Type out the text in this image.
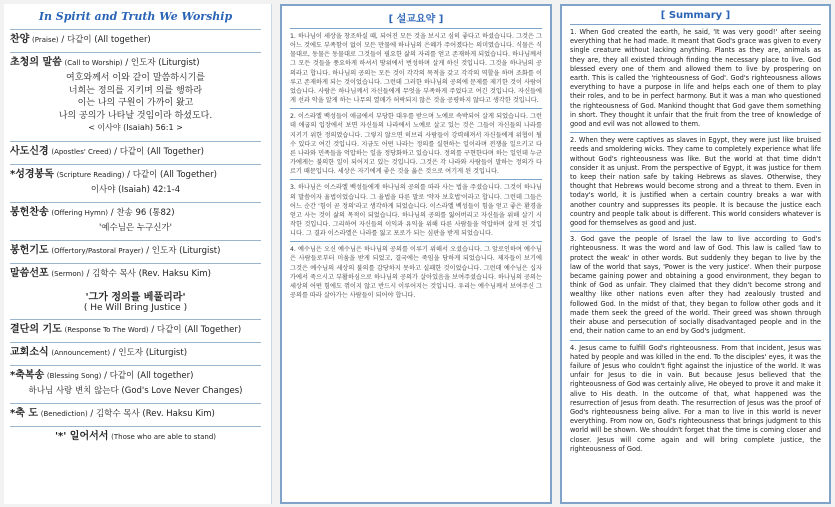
In Spirit and Truth We Worship
찬양 (Praise) / 다같이 (All together)
초청의 말씀 (Call to Worship) / 인도자 (Liturgist)
여호와께서 이와 같이 말씀하시기를
너희는 정의를 지키며 의를 행하라
이는 나의 구원이 가까이 왔고
나의 공의가 나타날 것임이라 하셨도다.
< 이사야 (Isaiah) 56:1 >
사도신경 (Apostles' Creed) / 다같이 (All Together)
*성경봉독 (Scripture Reading) / 다같이 (All Together)
이사야 (Isaiah) 42:1-4
봉헌찬송 (Offering Hymn) / 찬송 96 (통82)
'예수님은 누구신가'
봉헌기도 (Offertory/Pastoral Prayer) / 인도자 (Liturgist)
말씀선포 (Sermon) / 김학수 목사 (Rev. Haksu Kim)
'그가 정의를 베풀리라'
( He Will Bring Justice )
결단의 기도 (Response To The Word) / 다같이 (All Together)
교회소식 (Announcement) / 인도자 (Liturgist)
*축복송 (Blessing Song) / 다같이 (All together)
하나님 사랑 변치 않는다 (God's Love Never Changes)
*축 도 (Benediction) / 김학수 목사 (Rev. Haksu Kim)
'*' 일어서서 (Those who are able to stand)
[ 설교요약 ]

1. 하나님이 세상을 창조하실 때, 되어진 모든 것을 보시고 심히 좋다고 하셨습니다. 그것은 그 어느 것에도 부족함이 없이 모든 만물에 하나님의 은혜가 주어졌다는 의미였습니다. 식물은 식물대로, 동물은 동물대로 그것들이 필요한 삶의 자리를 얻고 존재하게 되었습니다. 하나님께서 그 모든 것들을 풍요하게 하셔서 땅위에서 번성하며 살게 하신 것입니다. 그것을 하나님의 공의라고 합니다. 하나님의 공의는 모든 것이 각각의 목적을 갖고 각각의 역할을 하며 조화를 이루고 존재하게 되는 것이었습니다. 그런데 그러한 하나님의 공의에 문제를 제기한 것이 사람이었습니다. 사람은 하나님께서 자신들에게 무엇을 부족하게 주었다고 여긴 것입니다. 자신들에게 선과 악을 알게 하는 나무의 열매가 허락되지 않은 것을 공평하지 않다고 생각한 것입니다.

2. 이스라엘 백성들이 애굽에서 부당한 대우를 받으며 노예로 속박되어 살게 되었습니다. 그런데 애굽의 입장에서 보면 자신들의 나라에서 노예로 살고 있는 것은 그들이 자신들의 나라를 지키기 위한 정의였습니다. 그렇지 않으면 히브리 사람들이 강력해져서 자신들에게 위협이 될 수 있다고 여긴 것입니다. 지금도 어떤 나라는 정의를 실현하는 일이라며 전쟁을 일으키고 다른 나라와 민족들을 억압하는 일을 정당화하고 있습니다. 정의를 구현한다며 하는 일인데 누군가에게는 불의한 일이 되어지고 있는 것입니다. 그것은 각 나라와 사람들이 말하는 정의가 다르기 때문입니다. 세상은 자기에게 좋은 것을 옳은 것으로 여기게 된 것입니다.

3. 하나님은 이스라엘 백성들에게 하나님의 공의를 따라 사는 법을 주셨습니다. 그것이 하나님의 말씀이자 율법이었습니다. 그 율법을 다른 말로 '약자 보호법'이라고 합니다. 그런데 그들은 어느 순간 '힘이 곧 정의'라고 생각하게 되었습니다. 이스라엘 백성들이 힘을 얻고 좋은 환경을 얻고 사는 것이 삶의 목적이 되었습니다. 하나님의 공의를 잃어버리고 자신들을 위해 살기 시작한 것입니다. 그리하여 자신들의 이익과 유익을 위해 다른 사람들을 억압하며 살게 된 것입니다. 그 결과 이스라엘은 나라를 잃고 포로가 되는 심판을 받게 되었습니다.

4. 예수님은 오신 예수님은 하나님의 공의를 이루기 위해서 오셨습니다. 그 앞로인하여 예수님은 사람들로부터 미움을 받게 되었고, 결국에는 죽임을 당하게 되었습니다. 제자들이 보기에 그것은 예수님의 세상의 불의를 감당하지 못하고 실패한 것이었습니다. 그런데 예수님은 십자가에서 죽으시고 부활하심으로 하나님의 공의가 살아있음을 보여주셨습니다. 하나님의 공의는 세상의 어떤 힘에도 꺾이지 않고 반드시 이루어지는 것입니다. 우리는 예수님께서 보여주신 그 공의를 따라 살아가는 사람들이 되어야 합니다.

[ Summary ]

1. When God created the earth, he said, 'It was very good!' after seeing everything that he had made. It meant that God's grace was given to every single creature without lacking anything. Plants as they are, animals as they are, they all existed through finding the necessary place to live. God blessed every one of them and allowed them to live by prospering on earth. This is called the 'righteousness of God'. God's righteousness allows everything to have a purpose in life and helps each one of them to play their roles, and to be in perfect harmony. But it was a man who questioned the righteousness of God. Mankind thought that God gave them something in short. They thought it unfair that the fruit from the tree of knowledge of good and evil was not allowed to them.

2. When they were captives as slaves in Egypt, they were just like bruised reeds and smoldering wicks. They came to completely experience what life without God's righteousness was like. But the world at that time didn't consider it as unjust. From the perspective of Egypt, it was justice for them to keep their nation safe by taking Hebrews as slaves. Otherwise, they thought that Hebrews would become strong and a threat to them. Even in today's world, it is justified when a certain country breaks a war with another country and suppresses its people. It is because the justice each country and people talk about is different. This world considers whatever is good for themselves as good and just.

3. God gave the people of Israel the law to live according to God's righteousness. It was the word and law of God. This law is called 'law to protect the weak' in other words. But suddenly they began to live by the law of the world that says, 'Power is the very justice'. When their purpose became gaining power and obtaining a good environment, they began to think of God as unfair. They claimed that they didn't become strong and wealthy like other nations even after they had zealously trusted and followed God. In the midst of that, they began to follow other gods and it made them seek the greed of the world. Their greed was shown through their abuse and persecution of socially disadvantaged people and in the end, their nation came to an end by God's judgment.

4. Jesus came to fulfill God's righteousness. From that incident, Jesus was hated by people and was killed in the end. To the disciples' eyes, it was the failure of Jesus who couldn't fight against the injustice of the world. It was unfair for Jesus to die in vain. But because Jesus believed that the righteousness of God was certainly alive, He obeyed to prove it and make it alive to His death. In the outcome of that, what happened was the resurrection of Jesus from death. The resurrection of Jesus was the proof of God's righteousness being alive. For a man to live in this world is never everything. From now on, God's righteousness that brings judgment to this world will be shown. We shouldn't forget that the time is coming closer and closer. Jesus will come again and will bring complete justice, the righteousness of God.
